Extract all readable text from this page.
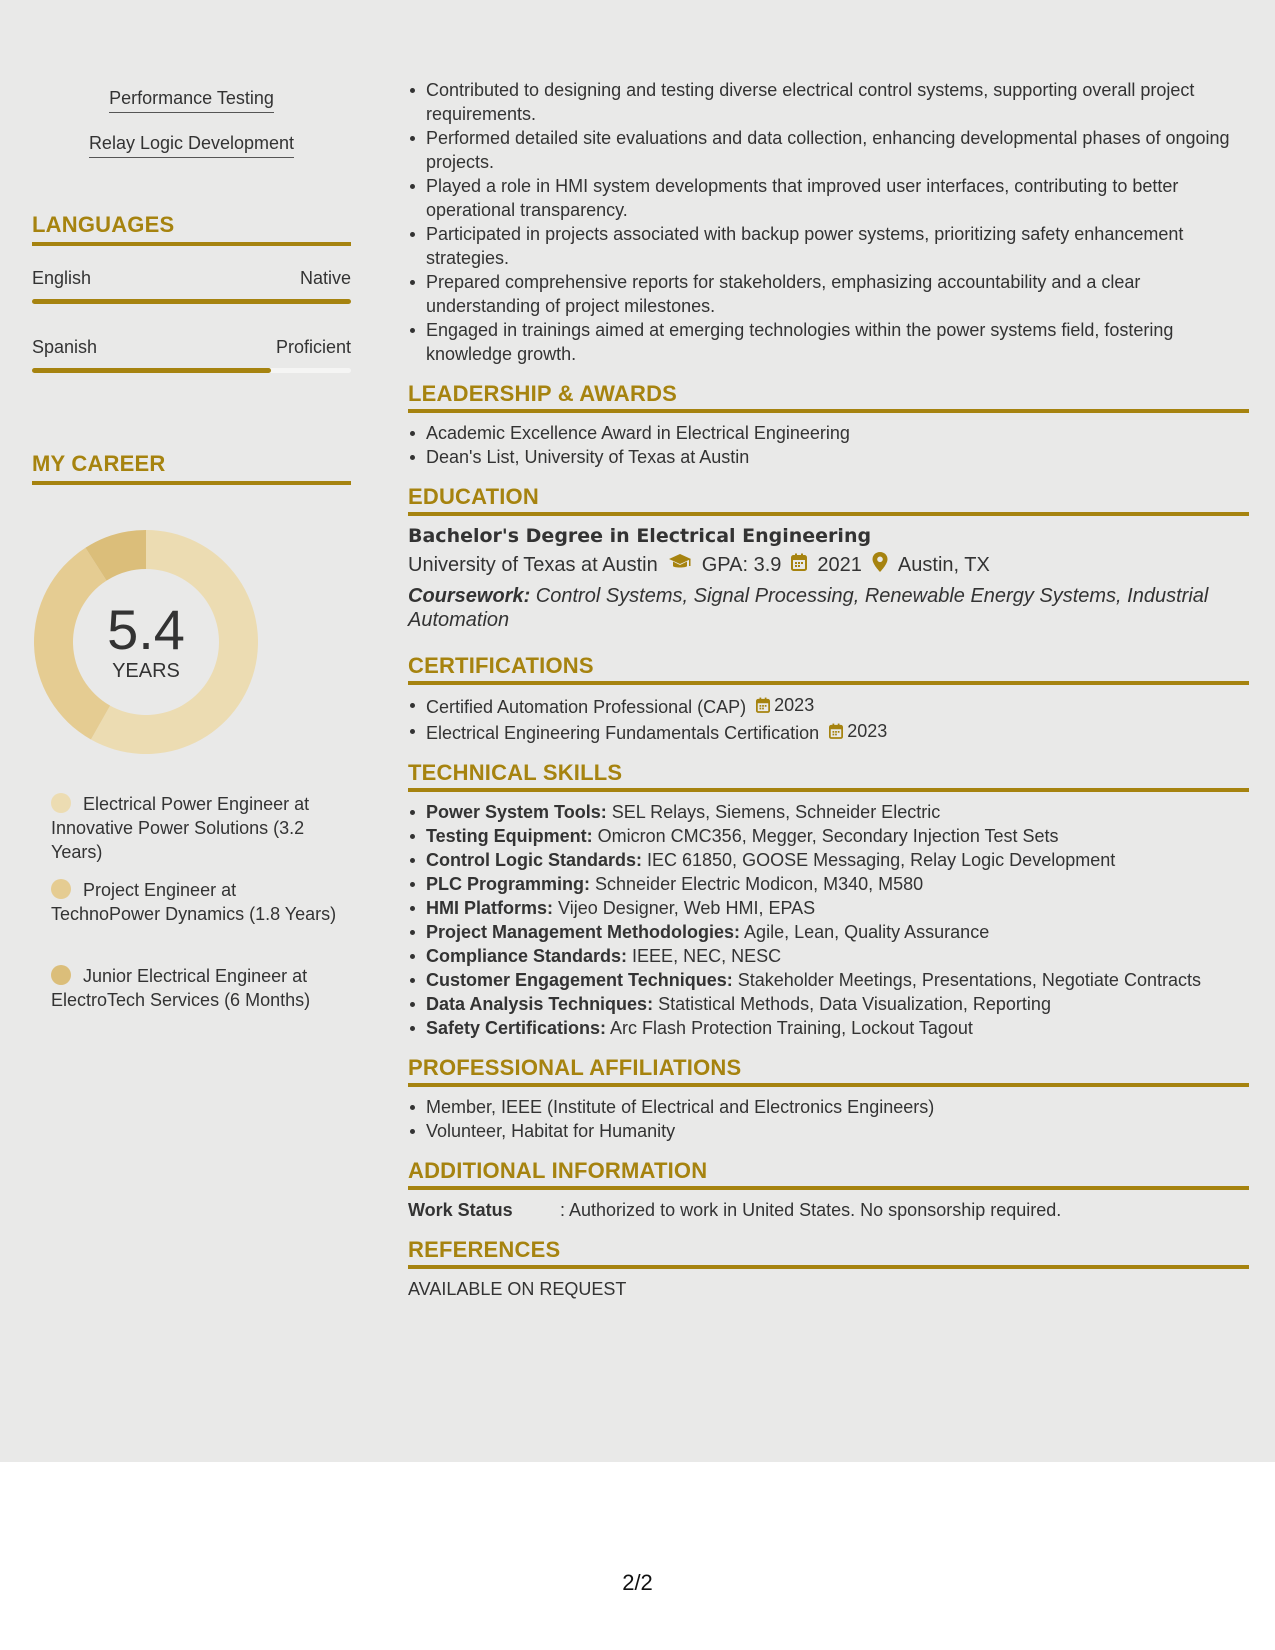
Performance Testing
Relay Logic Development
LANGUAGES
English	Native
Spanish	Proficient
MY CAREER
5.4
YEARS
Electrical Power Engineer at Innovative Power Solutions (3.2 Years)
Project Engineer at TechnoPower Dynamics (1.8 Years)
Junior Electrical Engineer at ElectroTech Services (6 Months)
Contributed to designing and testing diverse electrical control systems, supporting overall project requirements.
Performed detailed site evaluations and data collection, enhancing developmental phases of ongoing projects.
Played a role in HMI system developments that improved user interfaces, contributing to better operational transparency.
Participated in projects associated with backup power systems, prioritizing safety enhancement strategies.
Prepared comprehensive reports for stakeholders, emphasizing accountability and a clear understanding of project milestones.
Engaged in trainings aimed at emerging technologies within the power systems field, fostering knowledge growth.
LEADERSHIP & AWARDS
Academic Excellence Award in Electrical Engineering
Dean's List, University of Texas at Austin
EDUCATION
Bachelor's Degree in Electrical Engineering
University of Texas at Austin GPA: 3.9 2021 Austin, TX
Coursework: Control Systems, Signal Processing, Renewable Energy Systems, Industrial Automation
CERTIFICATIONS
Certified Automation Professional (CAP) 2023
Electrical Engineering Fundamentals Certification 2023
TECHNICAL SKILLS
Power System Tools: SEL Relays, Siemens, Schneider Electric
Testing Equipment: Omicron CMC356, Megger, Secondary Injection Test Sets
Control Logic Standards: IEC 61850, GOOSE Messaging, Relay Logic Development
PLC Programming: Schneider Electric Modicon, M340, M580
HMI Platforms: Vijeo Designer, Web HMI, EPAS
Project Management Methodologies: Agile, Lean, Quality Assurance
Compliance Standards: IEEE, NEC, NESC
Customer Engagement Techniques: Stakeholder Meetings, Presentations, Negotiate Contracts
Data Analysis Techniques: Statistical Methods, Data Visualization, Reporting
Safety Certifications: Arc Flash Protection Training, Lockout Tagout
PROFESSIONAL AFFILIATIONS
Member, IEEE (Institute of Electrical and Electronics Engineers)
Volunteer, Habitat for Humanity
ADDITIONAL INFORMATION
Work Status	: Authorized to work in United States. No sponsorship required.
REFERENCES
AVAILABLE ON REQUEST
2/2
